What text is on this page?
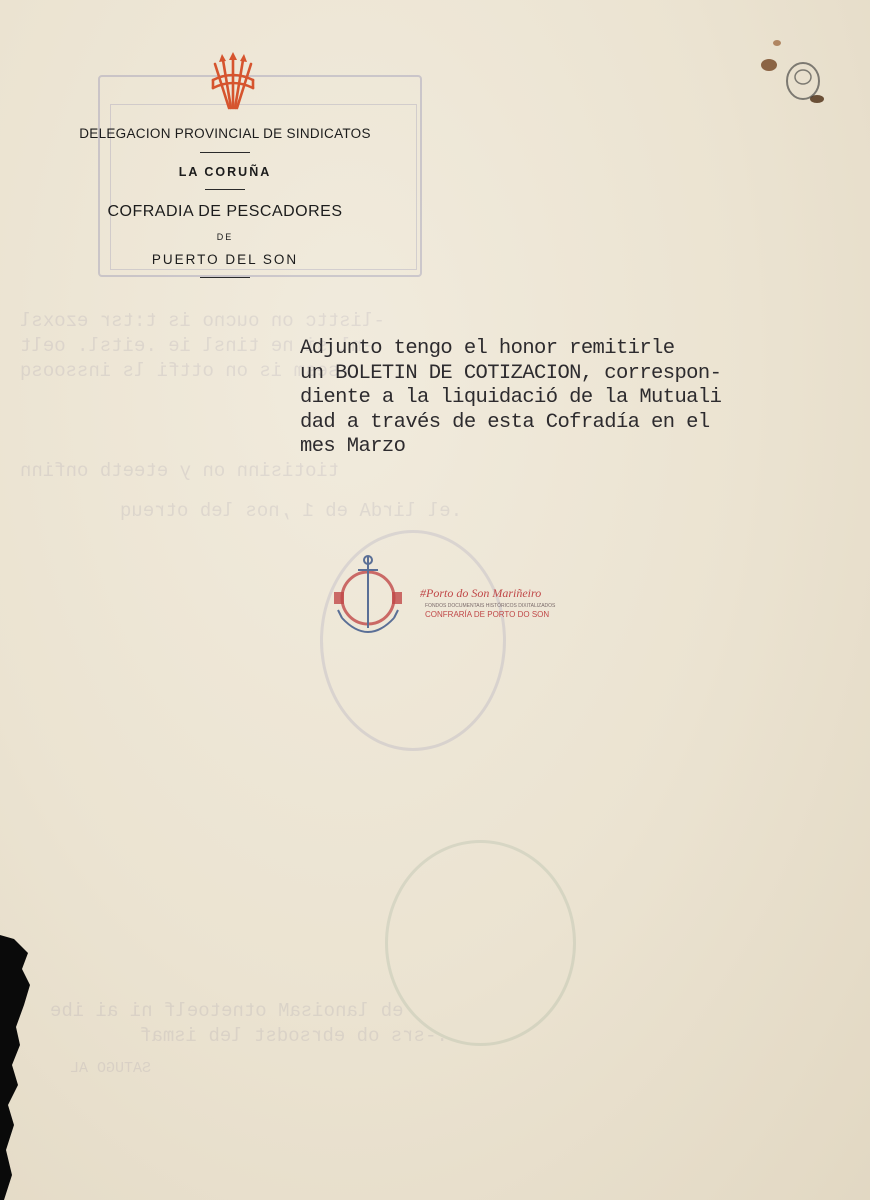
-listtc on oucno is t:tsr ezoxsl
-nl si ne tinsl ie .eitsl. oelt
-sesm is on ottfi ls inssoosq
tiotisinn on y eteetb onfinn
.el lirdA eb 1 ,nos leb otreuq
eb lanoisaM otnetoelf ni ai ibe
.-srs ob ebrsodst leb ismaf
SATUGO AL
DELEGACION PROVINCIAL DE SINDICATOS
LA CORUÑA
COFRADIA DE PESCADORES
DE
PUERTO DEL SON
Adjunto tengo el honor remitirle
un BOLETIN DE COTIZACION, correspon-
diente a la liquidació de la Mutuali
dad a través de esta Cofradía en el
mes Marzo
#Porto do Son Mariñeiro
FONDOS DOCUMENTAIS HISTÓRICOS DIXITALIZADOS
CONFRARÍA DE PORTO DO SON
